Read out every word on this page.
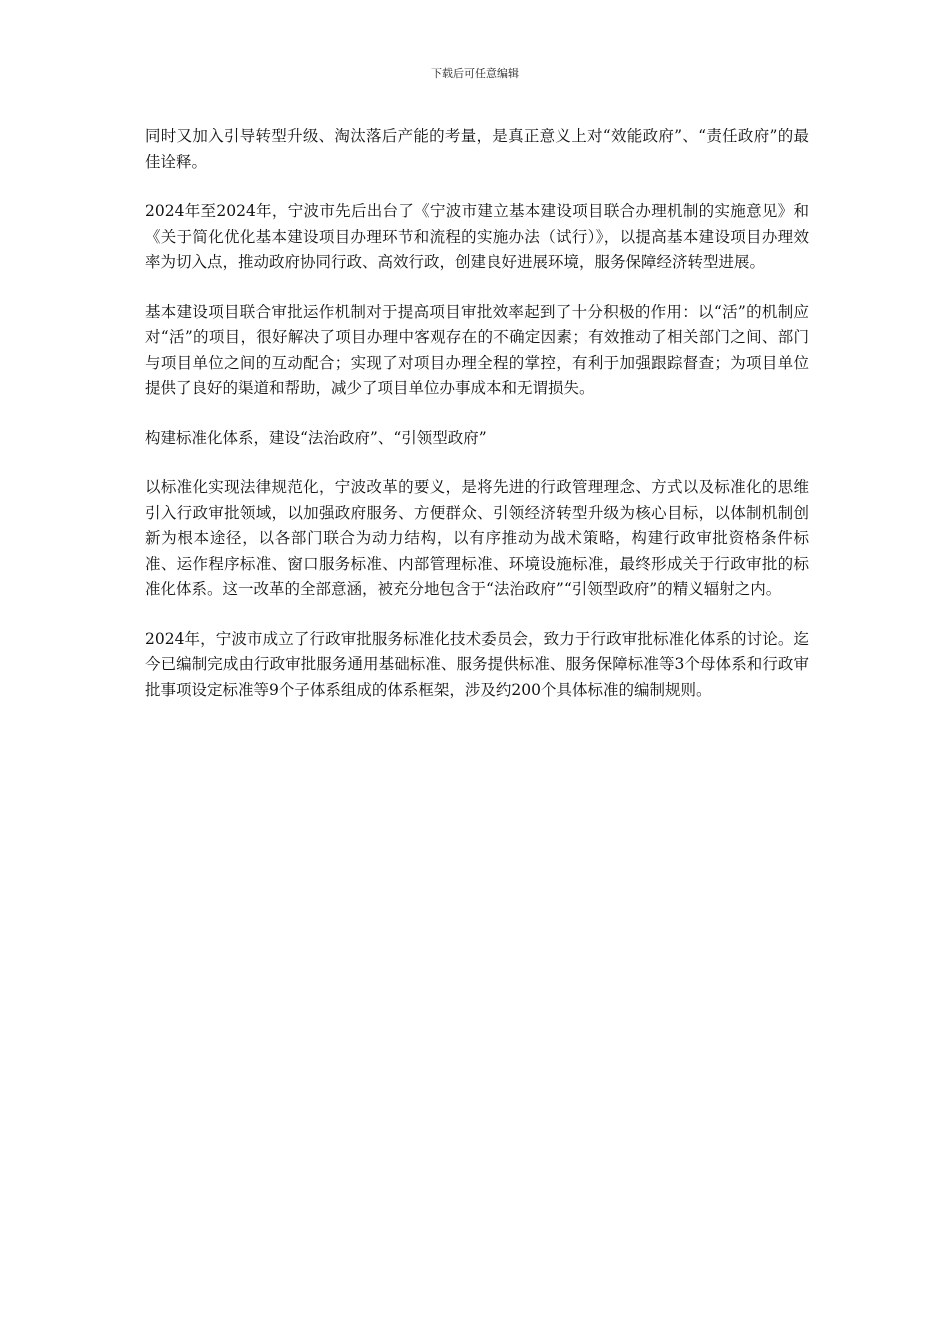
下载后可任意编辑

同时又加入引导转型升级、淘汰落后产能的考量，是真正意义上对“效能政府”、“责任政府”的最佳诠释。

2024年至2024年，宁波市先后出台了《宁波市建立基本建设项目联合办理机制的实施意见》和《关于简化优化基本建设项目办理环节和流程的实施办法（试行）》，以提高基本建设项目办理效率为切入点，推动政府协同行政、高效行政，创建良好进展环境，服务保障经济转型进展。

基本建设项目联合审批运作机制对于提高项目审批效率起到了十分积极的作用：以“活”的机制应对“活”的项目，很好解决了项目办理中客观存在的不确定因素；有效推动了相关部门之间、部门与项目单位之间的互动配合；实现了对项目办理全程的掌控，有利于加强跟踪督查；为项目单位提供了良好的渠道和帮助，减少了项目单位办事成本和无谓损失。

构建标准化体系，建设“法治政府”、“引领型政府”

以标准化实现法律规范化，宁波改革的要义，是将先进的行政管理理念、方式以及标准化的思维引入行政审批领域，以加强政府服务、方便群众、引领经济转型升级为核心目标，以体制机制创新为根本途径，以各部门联合为动力结构，以有序推动为战术策略，构建行政审批资格条件标准、运作程序标准、窗口服务标准、内部管理标准、环境设施标准，最终形成关于行政审批的标准化体系。这一改革的全部意涵，被充分地包含于“法治政府”“引领型政府”的精义辐射之内。

2024年，宁波市成立了行政审批服务标准化技术委员会，致力于行政审批标准化体系的讨论。迄今已编制完成由行政审批服务通用基础标准、服务提供标准、服务保障标准等3个母体系和行政审批事项设定标准等9个子体系组成的体系框架，涉及约200个具体标准的编制规则。
